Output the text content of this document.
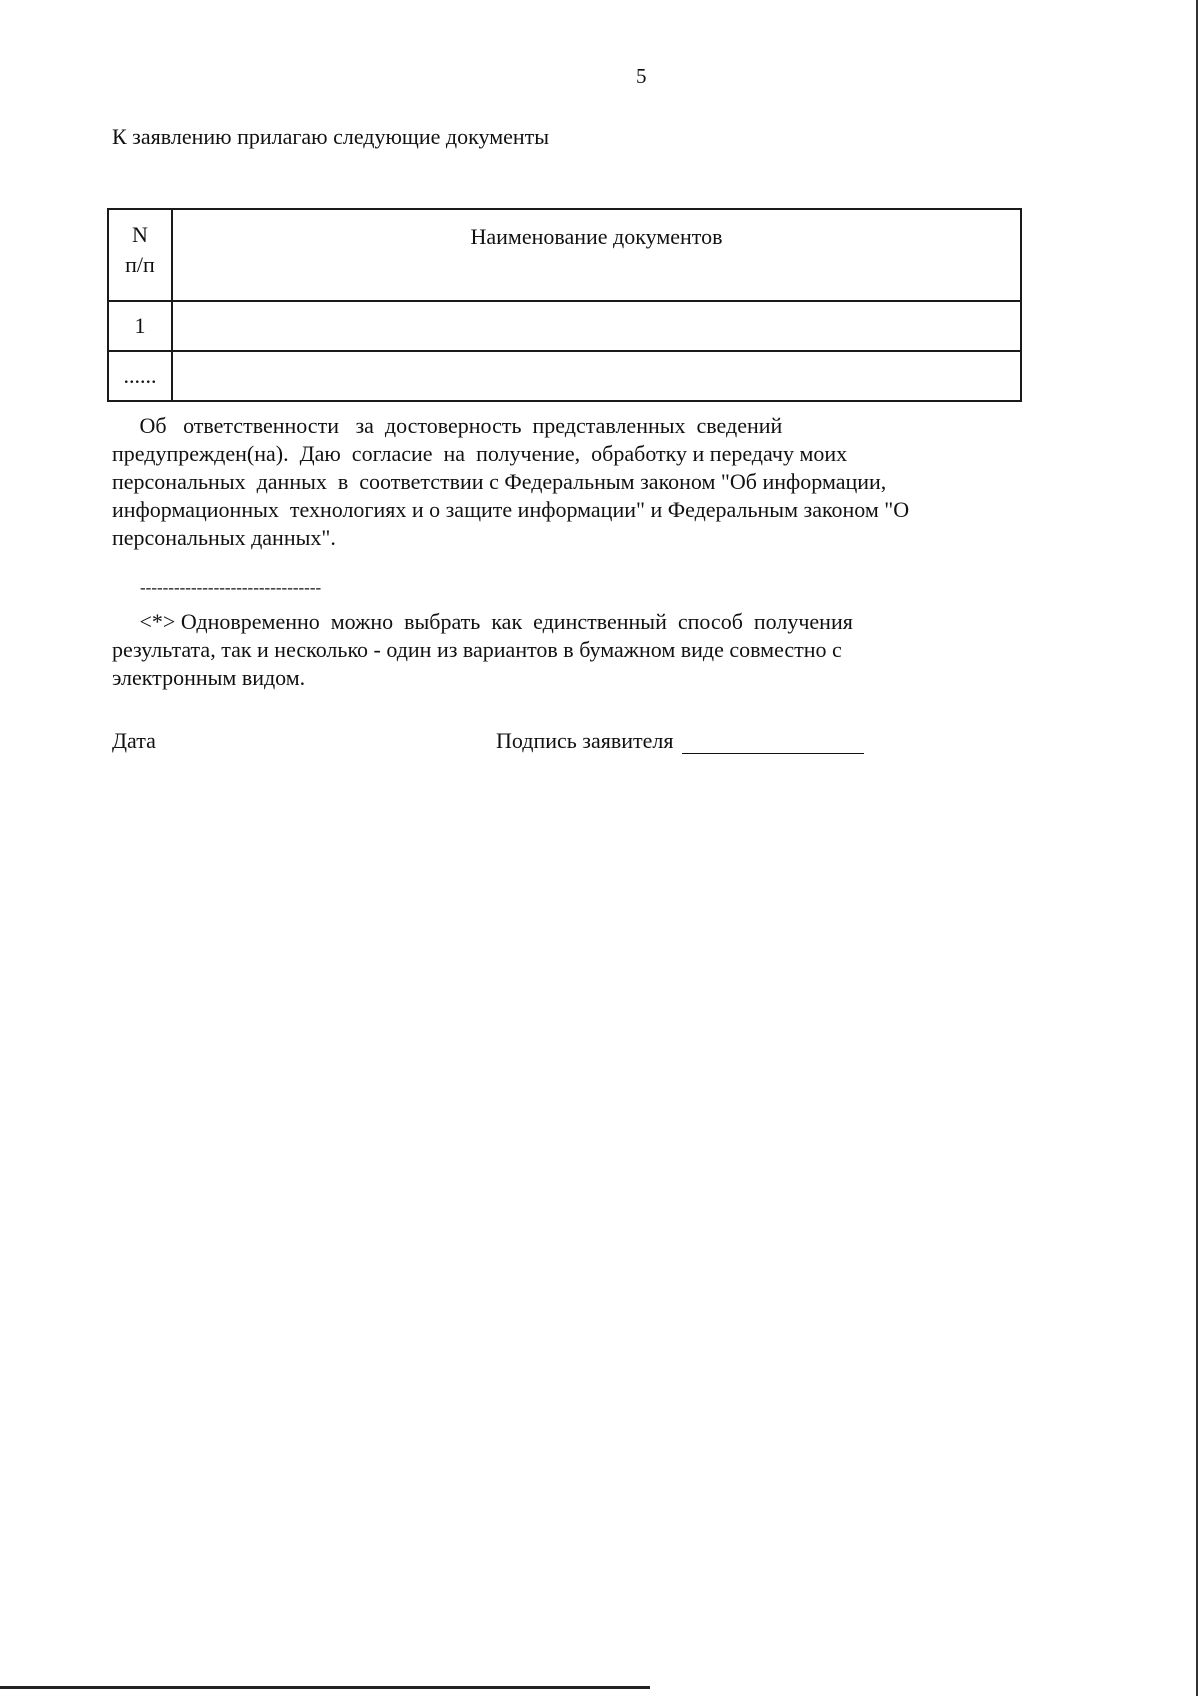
5
К заявлению прилагаю следующие документы
N
п/п	Наименование документов
1	
......	
Об   ответственности   за  достоверность  представленных  сведений
предупрежден(на).  Даю  согласие  на  получение,  обработку и передачу моих
персональных  данных  в  соответствии с Федеральным законом "Об информации,
информационных  технологиях и о защите информации" и Федеральным законом "О
персональных данных".
--------------------------------
<*> Одновременно  можно  выбрать  как  единственный  способ  получения
результата, так и несколько - один из вариантов в бумажном виде совместно с
электронным видом.
Дата	Подпись заявителя
